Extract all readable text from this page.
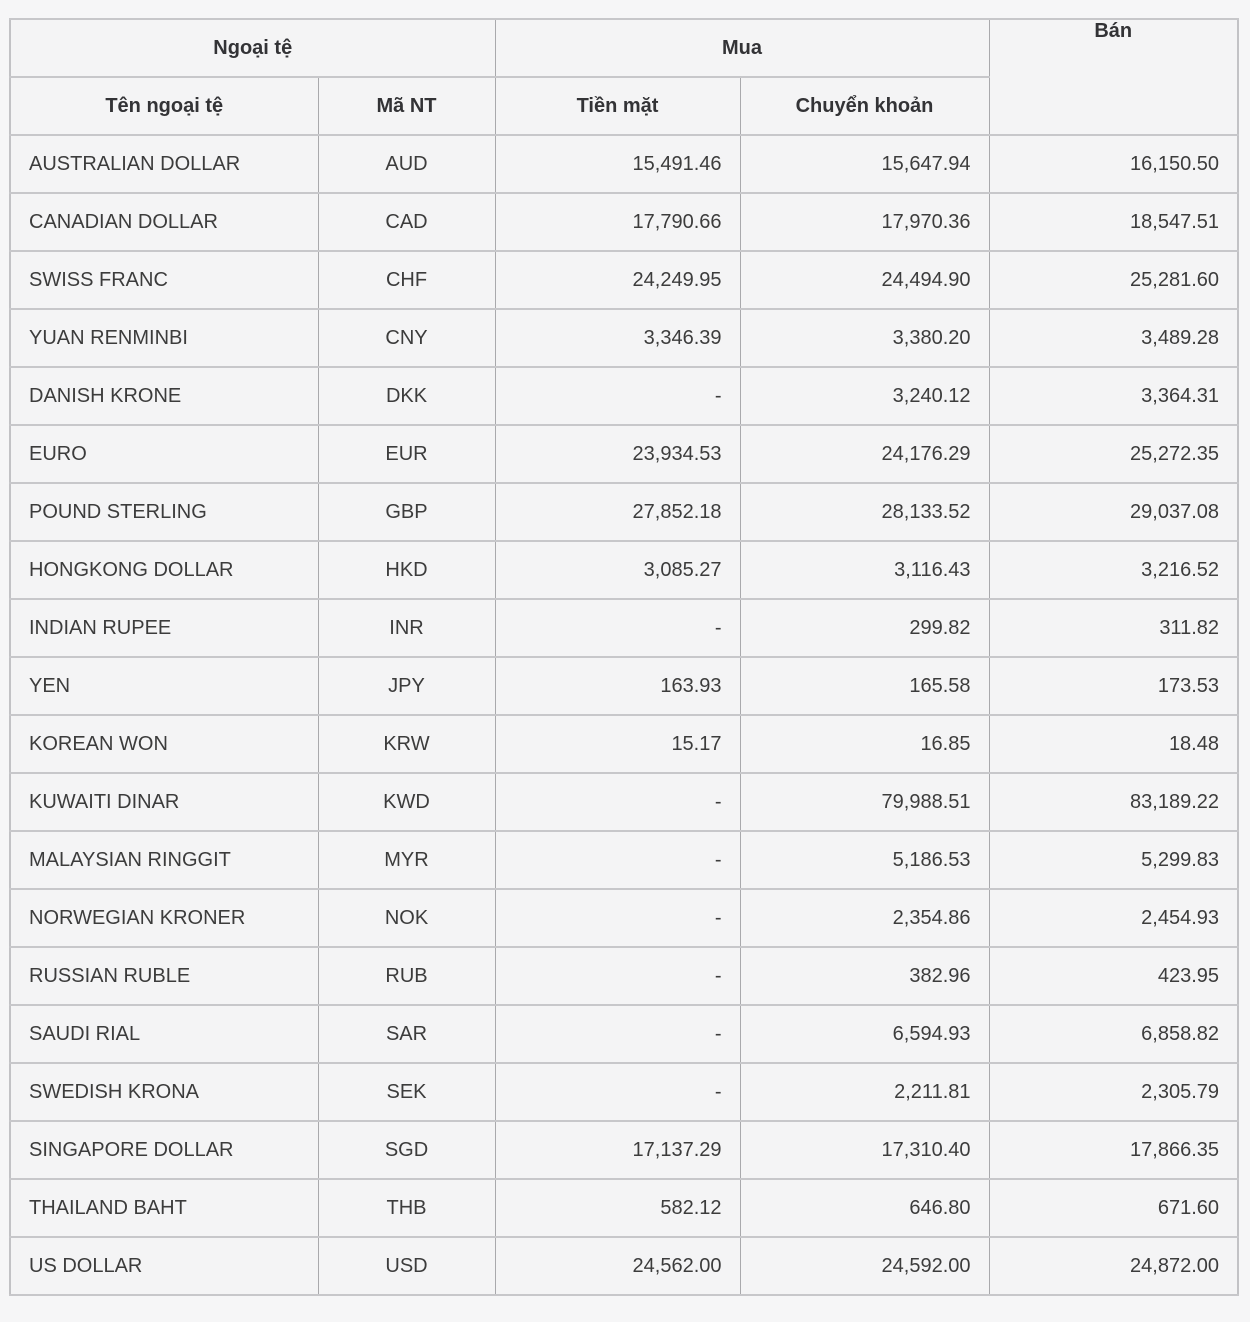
Ngoại tệ		Mua		Bán
Tên ngoại tệ	Mã NT	Tiền mặt	Chuyển khoản	
AUSTRALIAN DOLLAR	AUD	15,491.46	15,647.94	16,150.50
CANADIAN DOLLAR	CAD	17,790.66	17,970.36	18,547.51
SWISS FRANC	CHF	24,249.95	24,494.90	25,281.60
YUAN RENMINBI	CNY	3,346.39	3,380.20	3,489.28
DANISH KRONE	DKK	-	3,240.12	3,364.31
EURO	EUR	23,934.53	24,176.29	25,272.35
POUND STERLING	GBP	27,852.18	28,133.52	29,037.08
HONGKONG DOLLAR	HKD	3,085.27	3,116.43	3,216.52
INDIAN RUPEE	INR	-	299.82	311.82
YEN	JPY	163.93	165.58	173.53
KOREAN WON	KRW	15.17	16.85	18.48
KUWAITI DINAR	KWD	-	79,988.51	83,189.22
MALAYSIAN RINGGIT	MYR	-	5,186.53	5,299.83
NORWEGIAN KRONER	NOK	-	2,354.86	2,454.93
RUSSIAN RUBLE	RUB	-	382.96	423.95
SAUDI RIAL	SAR	-	6,594.93	6,858.82
SWEDISH KRONA	SEK	-	2,211.81	2,305.79
SINGAPORE DOLLAR	SGD	17,137.29	17,310.40	17,866.35
THAILAND BAHT	THB	582.12	646.80	671.60
US DOLLAR	USD	24,562.00	24,592.00	24,872.00
